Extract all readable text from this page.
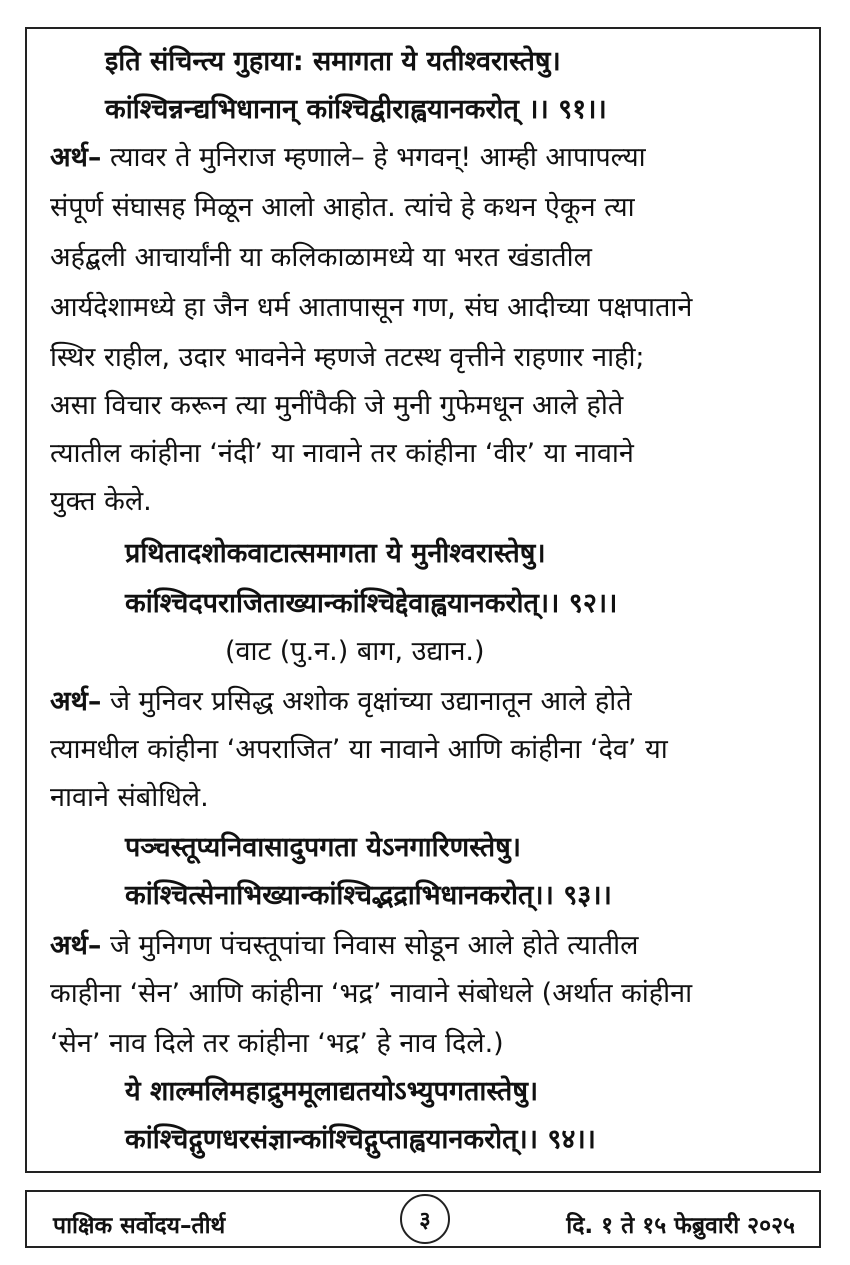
इति संचिन्त्य गुहाया: समागता ये यतीश्वरास्तेषु।
कांश्चिन्नन्द्यभिधानान् कांश्चिद्वीराह्वयानकरोत् ।। ९१।।
अर्थ– त्यावर ते मुनिराज म्हणाले– हे भगवन्! आम्ही आपापल्या
संपूर्ण संघासह मिळून आलो आहोत. त्यांचे हे कथन ऐकून त्या
अर्हद्बली आचार्यांनी या कलिकाळामध्ये या भरत खंडातील
आर्यदेशामध्ये हा जैन धर्म आतापासून गण, संघ आदीच्या पक्षपाताने
स्थिर राहील, उदार भावनेने म्हणजे तटस्थ वृत्तीने राहणार नाही;
असा विचार करून त्या मुनींपैकी जे मुनी गुफेमधून आले होते
त्यातील कांहीना ‘नंदी’ या नावाने तर कांहीना ‘वीर’ या नावाने
युक्त केले.
प्रथितादशोकवाटात्समागता ये मुनीश्वरास्तेषु।
कांश्चिदपराजिताख्यान्कांश्चिद्देवाह्वयानकरोत्।। ९२।।
(वाट (पु.न.) बाग, उद्यान.)
अर्थ– जे मुनिवर प्रसिद्ध अशोक वृक्षांच्या उद्यानातून आले होते
त्यामधील कांहीना ‘अपराजित’ या नावाने आणि कांहीना ‘देव’ या
नावाने संबोधिले.
पञ्चस्तूप्यनिवासादुपगता येऽनगारिणस्तेषु।
कांश्चित्सेनाभिख्यान्कांश्चिद्भद्राभिधानकरोत्।। ९३।।
अर्थ– जे मुनिगण पंचस्तूपांचा निवास सोडून आले होते त्यातील
काहीना ‘सेन’ आणि कांहीना ‘भद्र’ नावाने संबोधले (अर्थात कांहीना
‘सेन’ नाव दिले तर कांहीना ‘भद्र’ हे नाव दिले.)
ये शाल्मलिमहाद्रुममूलाद्यतयोऽभ्युपगतास्तेषु।
कांश्चिद्गुणधरसंज्ञान्कांश्चिद्गुप्ताह्वयानकरोत्।। ९४।।
पाक्षिक सर्वोदय–तीर्थ	३	दि. १ ते १५ फेब्रुवारी २०२५
